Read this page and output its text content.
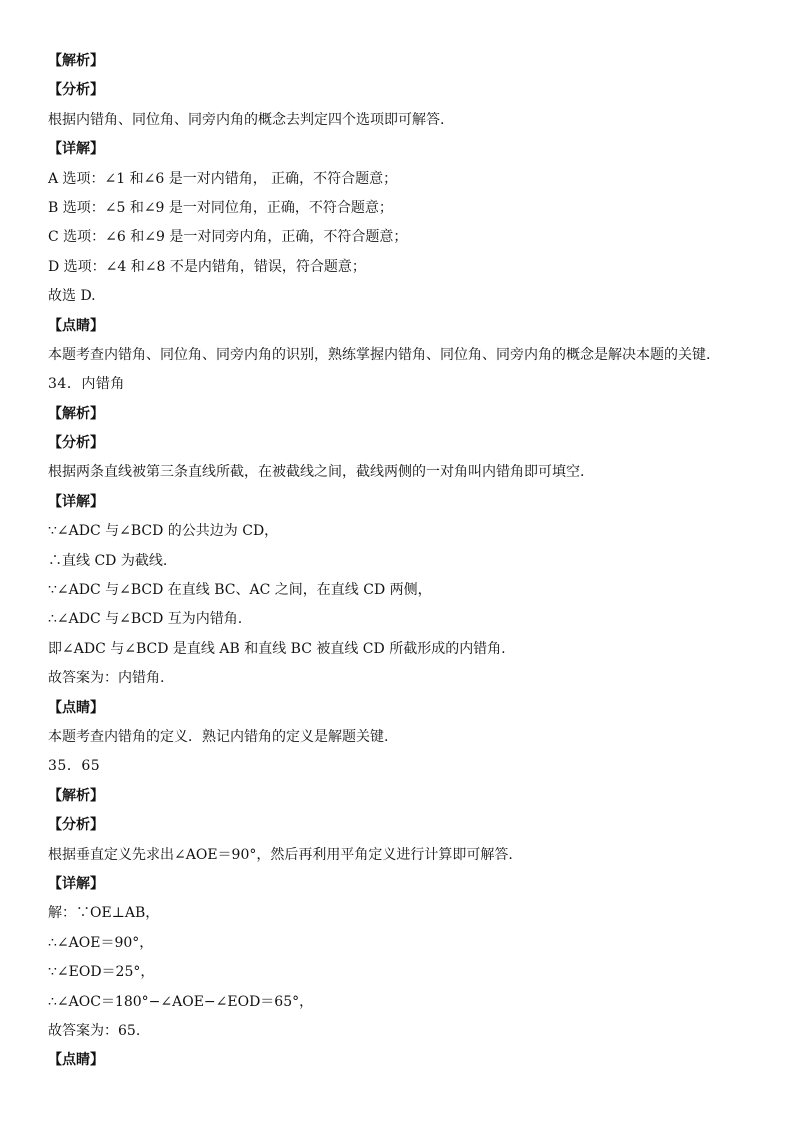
【解析】
【分析】
根据内错角、同位角、同旁内角的概念去判定四个选项即可解答.
【详解】
A 选项：∠1 和∠6 是一对内错角， 正确，不符合题意；
B 选项：∠5 和∠9 是一对同位角，正确，不符合题意；
C 选项：∠6 和∠9 是一对同旁内角，正确，不符合题意；
D 选项：∠4 和∠8 不是内错角，错误，符合题意；
故选 D.
【点睛】
本题考查内错角、同位角、同旁内角的识别，熟练掌握内错角、同位角、同旁内角的概念是解决本题的关键.
34．内错角
【解析】
【分析】
根据两条直线被第三条直线所截，在被截线之间，截线两侧的一对角叫内错角即可填空.
【详解】
∵∠ADC 与∠BCD 的公共边为 CD，
∴直线 CD 为截线.
∵∠ADC 与∠BCD 在直线 BC、AC 之间，在直线 CD 两侧，
∴∠ADC 与∠BCD 互为内错角.
即∠ADC 与∠BCD 是直线 AB 和直线 BC 被直线 CD 所截形成的内错角.
故答案为：内错角.
【点睛】
本题考查内错角的定义．熟记内错角的定义是解题关键.
35．65
【解析】
【分析】
根据垂直定义先求出∠AOE＝90°，然后再利用平角定义进行计算即可解答.
【详解】
解：∵OE⊥AB，
∴∠AOE＝90°，
∵∠EOD＝25°，
∴∠AOC＝180°−∠AOE−∠EOD＝65°，
故答案为：65.
【点睛】
